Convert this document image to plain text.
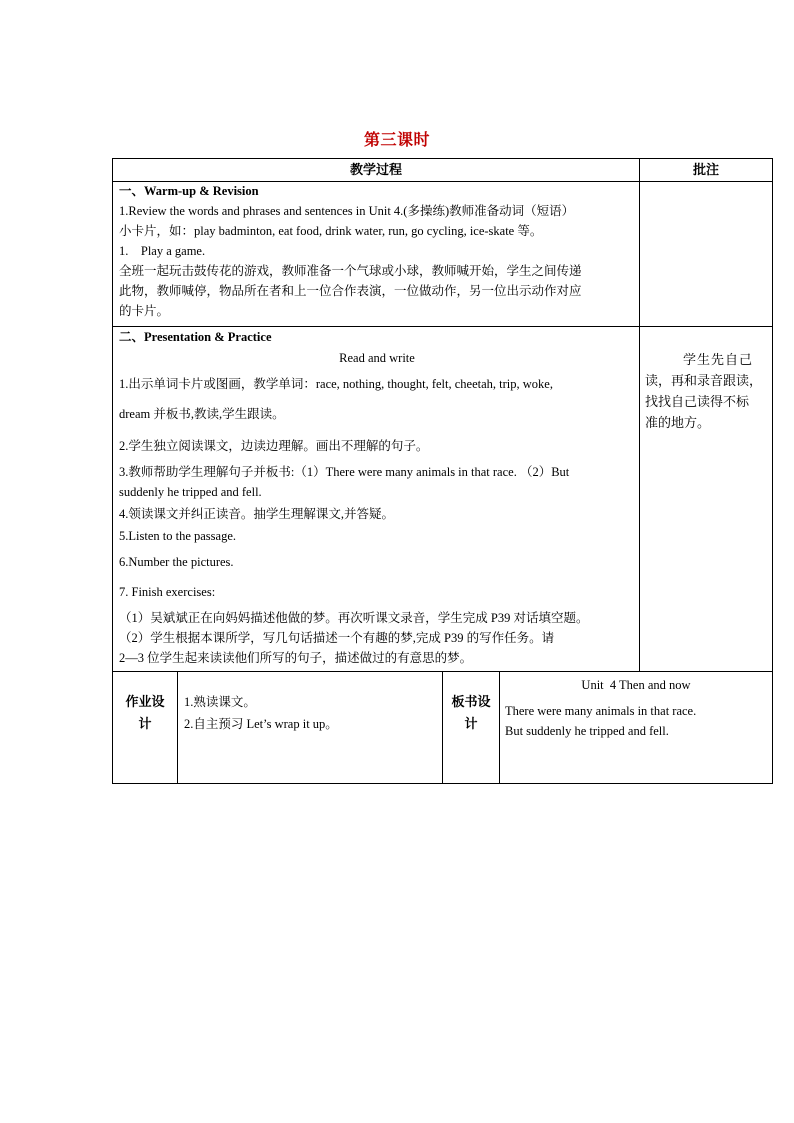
第三课时
教学过程	批注

一、Warm-up & Revision

1.Review the words and phrases and sentences in Unit 4.(多操练)教师准备动词（短语）

小卡片，如：play badminton, eat food, drink water, run, go cycling, ice-skate 等。

1.    Play a game.

全班一起玩击鼓传花的游戏，教师准备一个气球或小球，教师喊开始，学生之间传递

此物，教师喊停，物品所在者和上一位合作表演，一位做动作，另一位出示动作对应

的卡片。

二、Presentation & Practice

Read and write

1.出示单词卡片或图画，教学单词：race, nothing, thought, felt, cheetah, trip, woke,

dream 并板书,教读,学生跟读。

2.学生独立阅读课文，边读边理解。画出不理解的句子。

3.教师帮助学生理解句子并板书:（1）There were many animals in that race. （2）But

suddenly he tripped and fell.

4.领读课文并纠正读音。抽学生理解课文,并答疑。

5.Listen to the passage.

6.Number the pictures.

7. Finish exercises:

（1）吴斌斌正在向妈妈描述他做的梦。再次听课文录音，学生完成 P39 对话填空题。

（2）学生根据本课所学，写几句话描述一个有趣的梦,完成 P39 的写作任务。请

2—3 位学生起来读读他们所写的句子，描述做过的有意思的梦。

学生先自己

读，再和录音跟读，

找找自己读得不标

准的地方。

作业设

计

1.熟读课文。

2.自主预习 Let’s wrap it up。

板书设

计

Unit  4 Then and now

There were many animals in that race.

But suddenly he tripped and fell.
